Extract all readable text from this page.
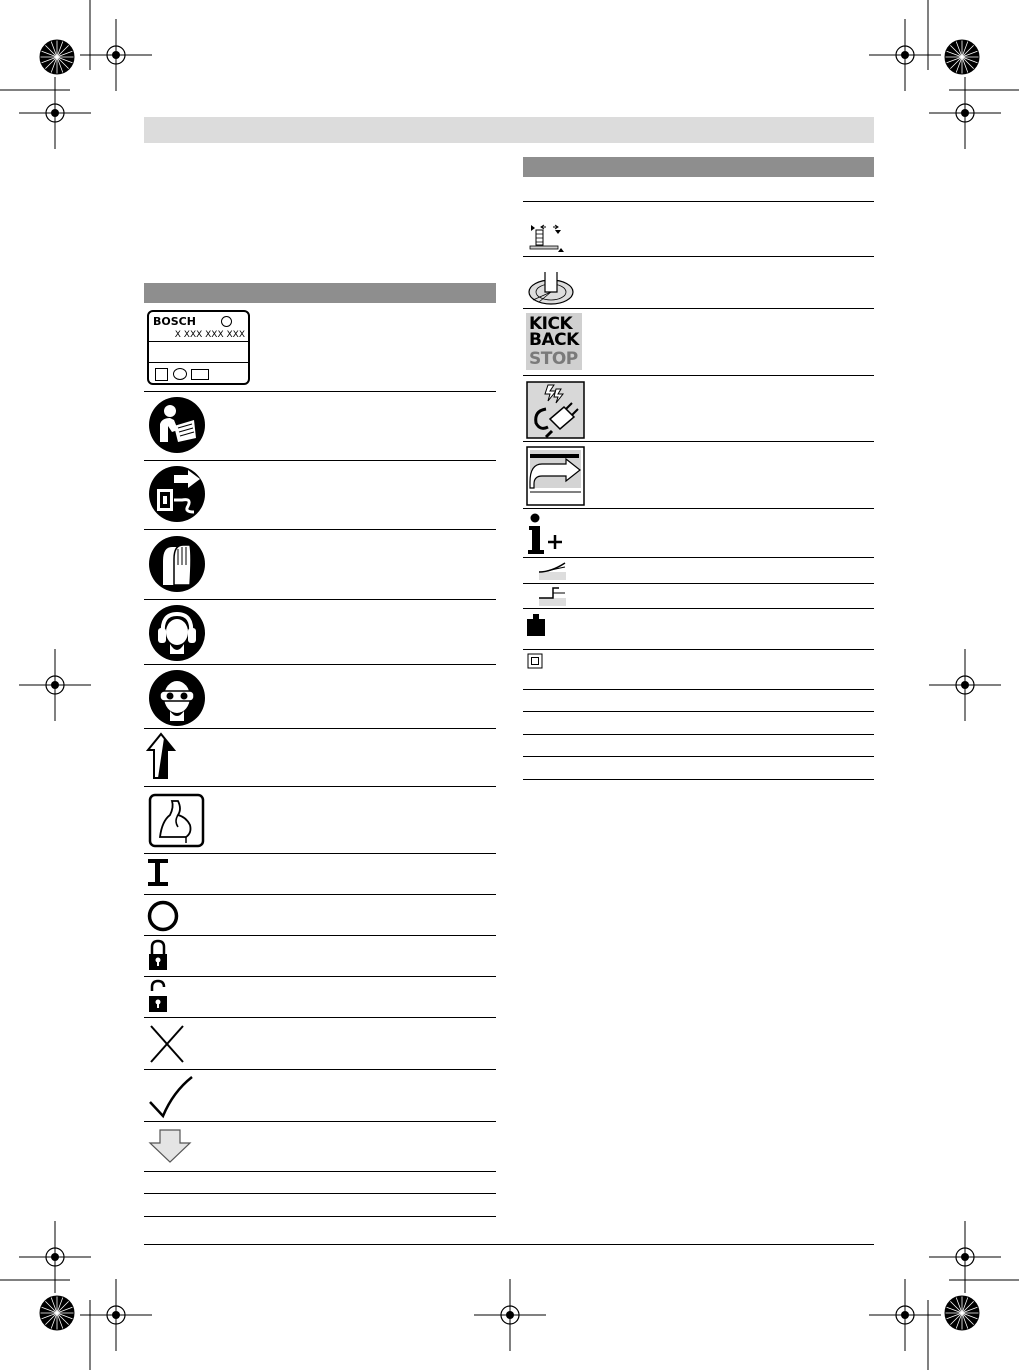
BOSCH
X XXX XXX XXX
KICK
BACK
STOP
